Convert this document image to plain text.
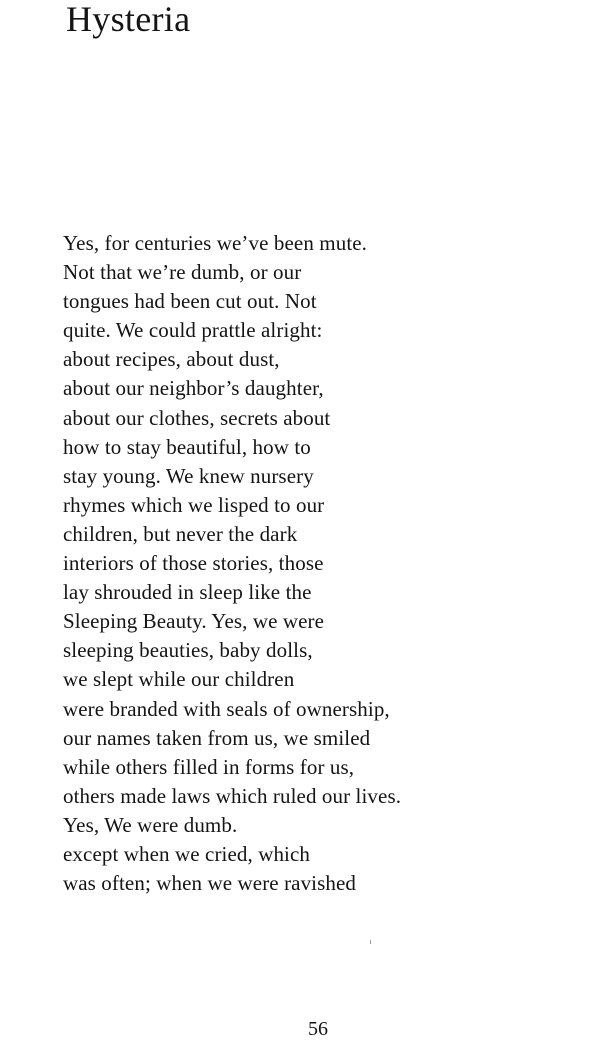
Hysteria
Yes, for centuries we’ve been mute.
Not that we’re dumb, or our
tongues had been cut out. Not
quite. We could prattle alright:
about recipes, about dust,
about our neighbor’s daughter,
about our clothes, secrets about
how to stay beautiful, how to
stay young. We knew nursery
rhymes which we lisped to our
children, but never the dark
interiors of those stories, those
lay shrouded in sleep like the
Sleeping Beauty. Yes, we were
sleeping beauties, baby dolls,
we slept while our children
were branded with seals of ownership,
our names taken from us, we smiled
while others filled in forms for us,
others made laws which ruled our lives.
Yes, We were dumb.
except when we cried, which
was often; when we were ravished
56
